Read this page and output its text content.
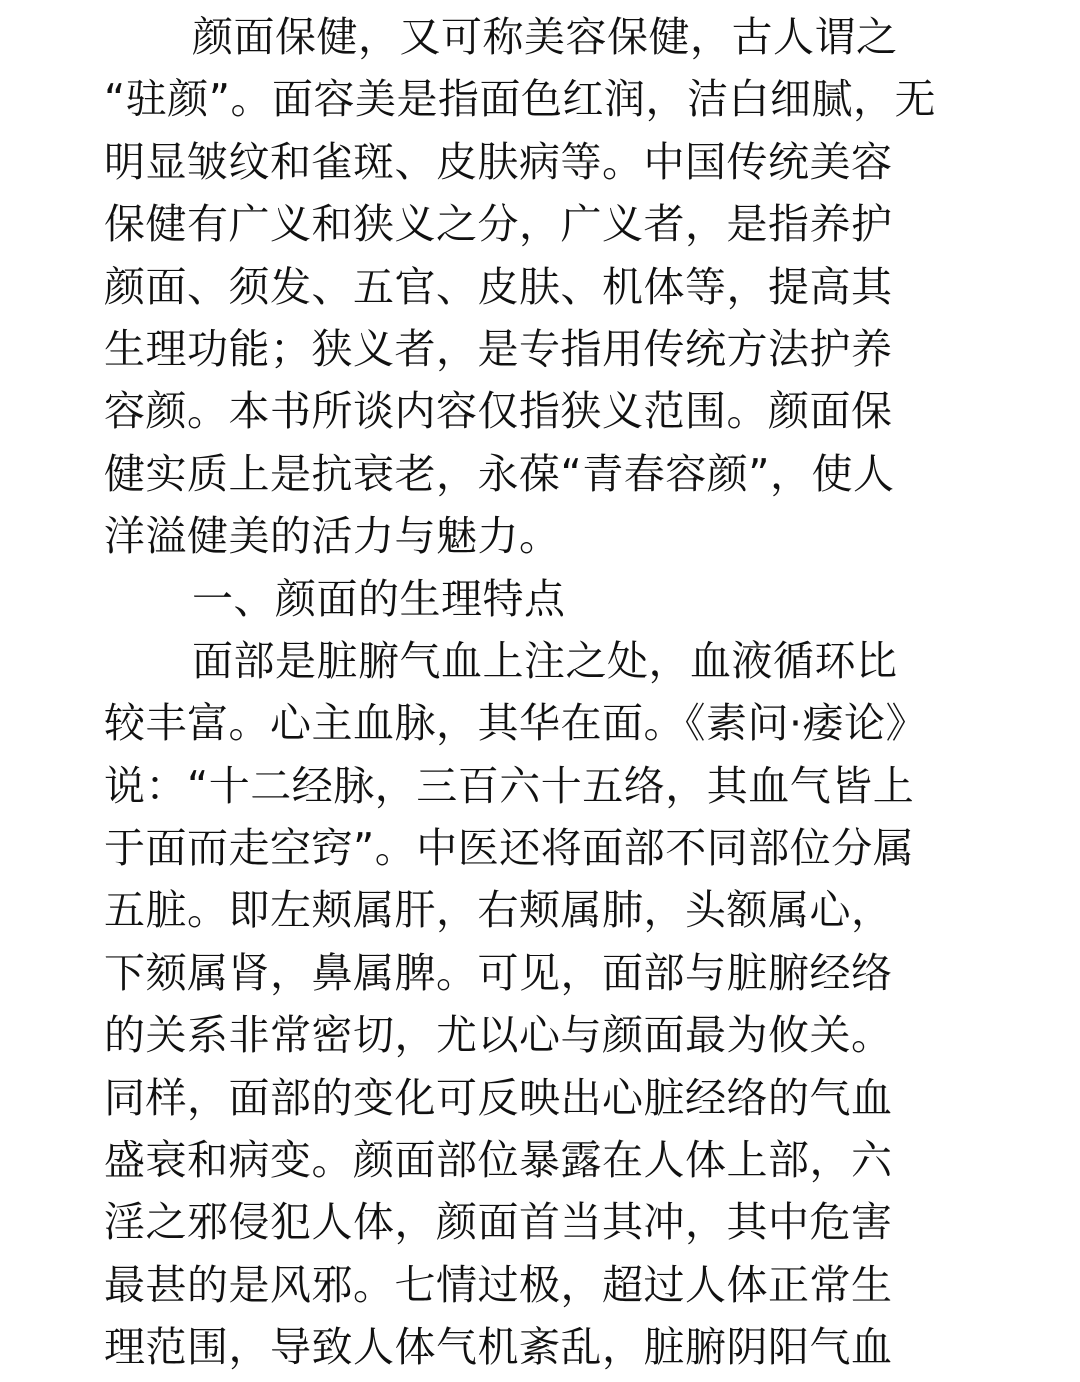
颜面保健，又可称美容保健，古人谓之
“驻颜”。面容美是指面色红润，洁白细腻，无
明显皱纹和雀斑、皮肤病等。中国传统美容
保健有广义和狭义之分，广义者，是指养护
颜面、须发、五官、皮肤、机体等，提高其
生理功能；狭义者，是专指用传统方法护养
容颜。本书所谈内容仅指狭义范围。颜面保
健实质上是抗衰老，永葆“青春容颜”，使人
洋溢健美的活力与魅力。
一、颜面的生理特点
面部是脏腑气血上注之处，血液循环比
较丰富。心主血脉，其华在面。《素问·痿论》
说：“十二经脉，三百六十五络，其血气皆上
于面而走空窍”。中医还将面部不同部位分属
五脏。即左颊属肝，右颊属肺，头额属心，
下颏属肾，鼻属脾。可见，面部与脏腑经络
的关系非常密切，尤以心与颜面最为攸关。
同样，面部的变化可反映出心脏经络的气血
盛衰和病变。颜面部位暴露在人体上部，六
淫之邪侵犯人体，颜面首当其冲，其中危害
最甚的是风邪。七情过极，超过人体正常生
理范围，导致人体气机紊乱，脏腑阴阳气血
